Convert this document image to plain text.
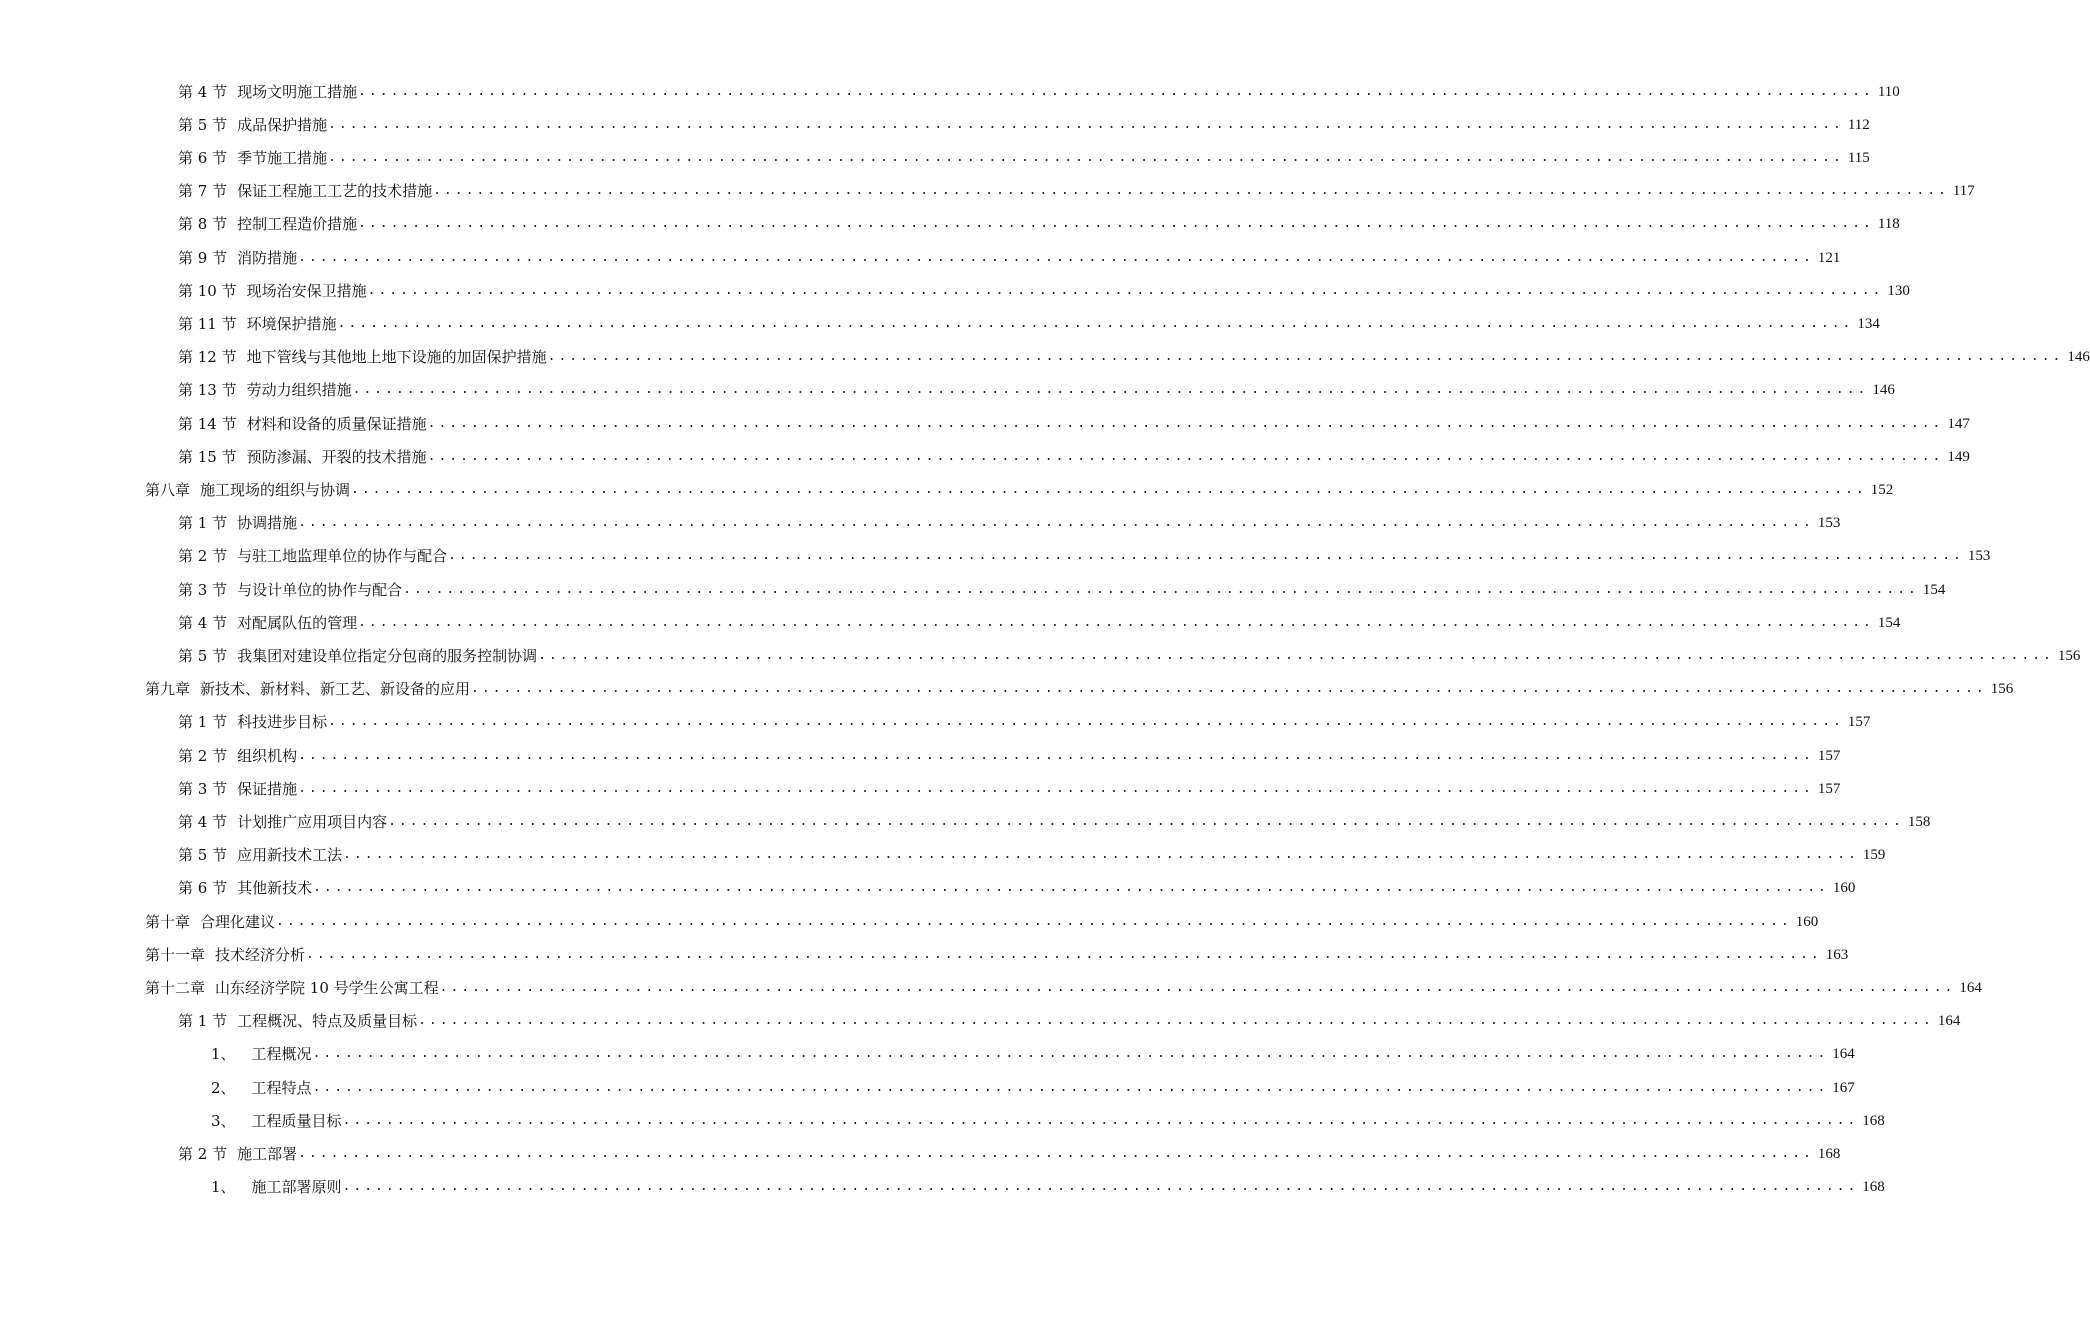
第 4 节 现场文明施工措施 ............................................................................................................................................ 110
第 5 节 成品保护措施 ............................................................................................................................................ 112
第 6 节 季节施工措施 ............................................................................................................................................ 115
第 7 节 保证工程施工工艺的技术措施 ............................................................................................................................................ 117
第 8 节 控制工程造价措施 ............................................................................................................................................ 118
第 9 节 消防措施 ............................................................................................................................................ 121
第 10 节 现场治安保卫措施 ............................................................................................................................................ 130
第 11 节 环境保护措施 ............................................................................................................................................ 134
第 12 节 地下管线与其他地上地下设施的加固保护措施 ............................................................................................................................................ 146
第 13 节 劳动力组织措施 ............................................................................................................................................ 146
第 14 节 材料和设备的质量保证措施 ............................................................................................................................................ 147
第 15 节 预防渗漏、开裂的技术措施 ............................................................................................................................................ 149
第八章 施工现场的组织与协调 ............................................................................................................................................ 152
第 1 节 协调措施 ............................................................................................................................................ 153
第 2 节 与驻工地监理单位的协作与配合 ............................................................................................................................................ 153
第 3 节 与设计单位的协作与配合 ............................................................................................................................................ 154
第 4 节 对配属队伍的管理 ............................................................................................................................................ 154
第 5 节 我集团对建设单位指定分包商的服务控制协调 ............................................................................................................................................ 156
第九章 新技术、新材料、新工艺、新设备的应用 ............................................................................................................................................ 156
第 1 节 科技进步目标 ............................................................................................................................................ 157
第 2 节 组织机构 ............................................................................................................................................ 157
第 3 节 保证措施 ............................................................................................................................................ 157
第 4 节 计划推广应用项目内容 ............................................................................................................................................ 158
第 5 节 应用新技术工法 ............................................................................................................................................ 159
第 6 节 其他新技术 ............................................................................................................................................ 160
第十章 合理化建议 ............................................................................................................................................ 160
第十一章 技术经济分析 ............................................................................................................................................ 163
第十二章 山东经济学院 10 号学生公寓工程 ............................................................................................................................................ 164
第 1 节 工程概况、特点及质量目标 ............................................................................................................................................ 164
1、 工程概况 ............................................................................................................................................ 164
2、 工程特点 ............................................................................................................................................ 167
3、 工程质量目标 ............................................................................................................................................ 168
第 2 节 施工部署 ............................................................................................................................................ 168
1、 施工部署原则 ............................................................................................................................................ 168
